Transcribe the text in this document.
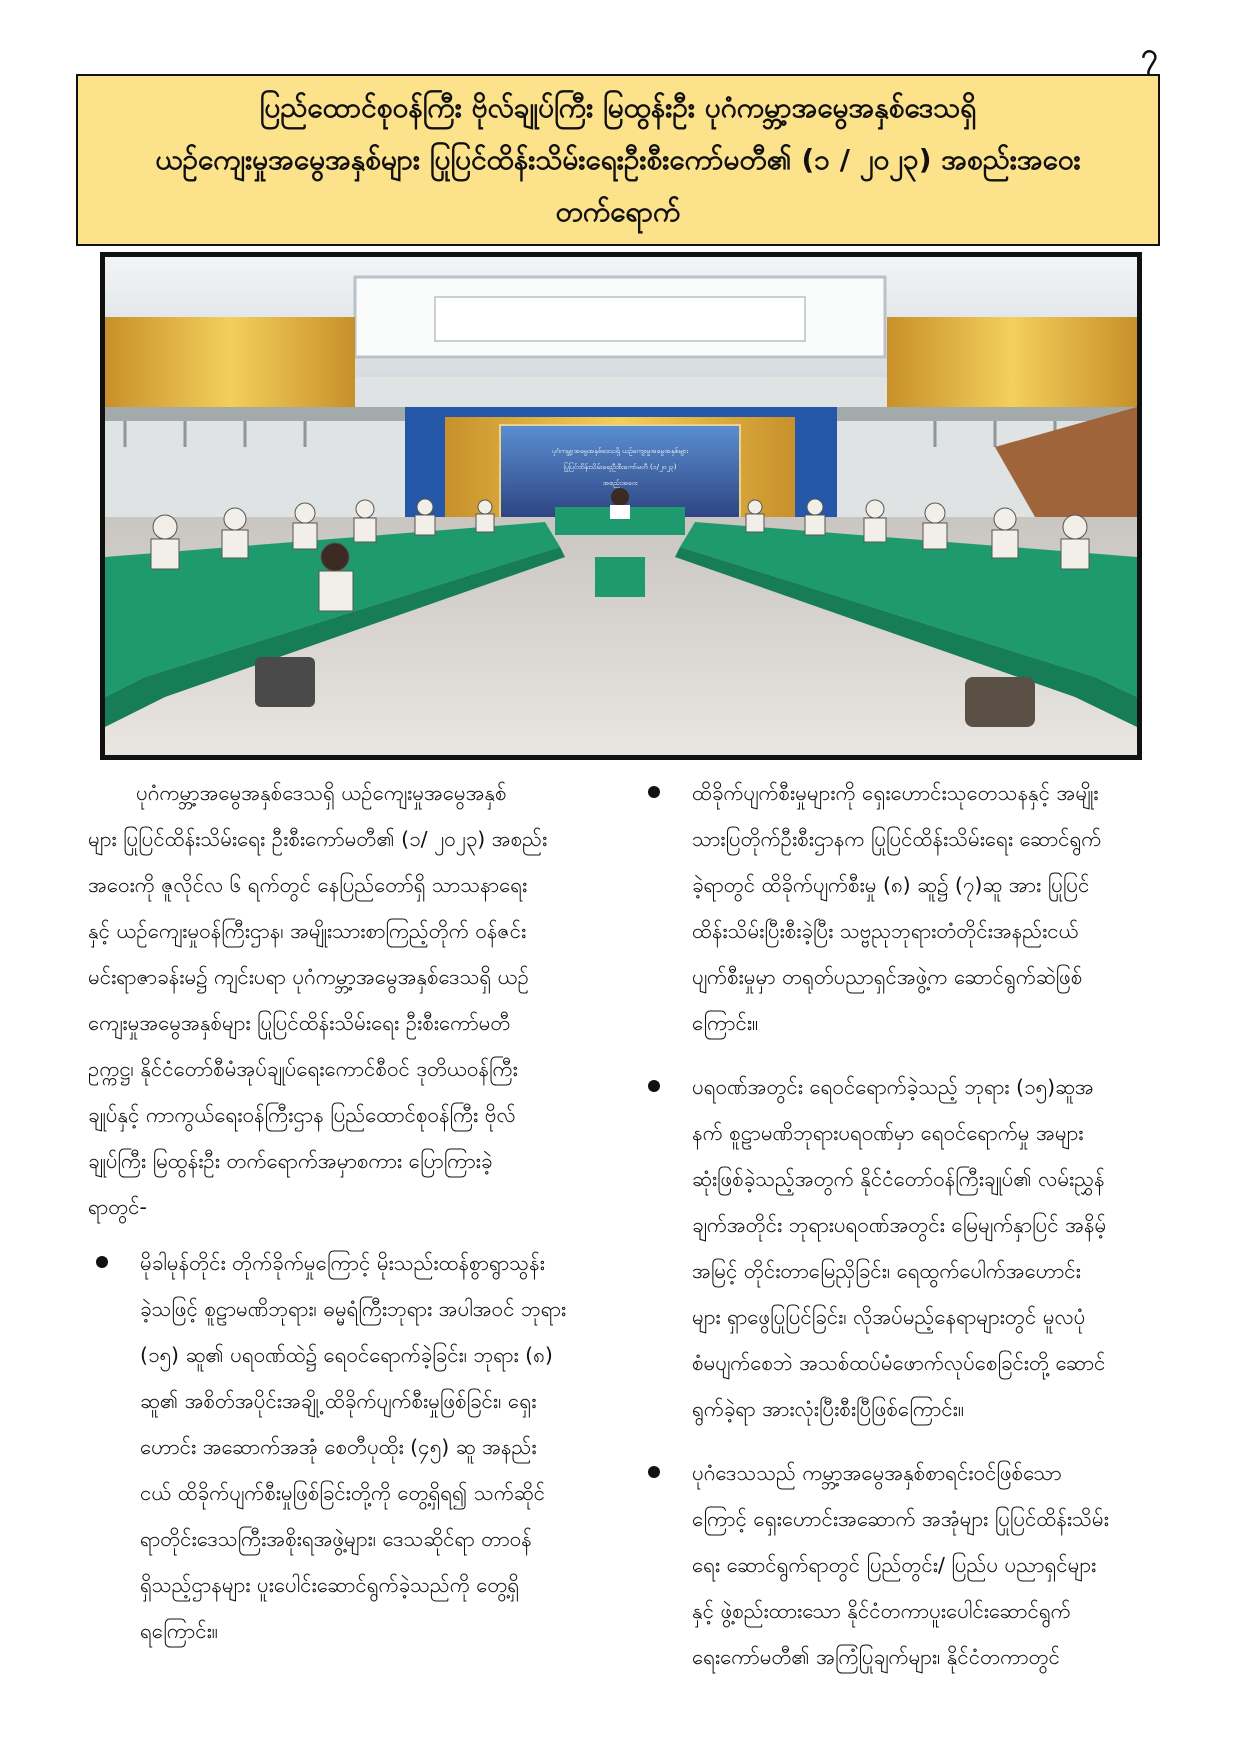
၇
ပြည်ထောင်စုဝန်ကြီး ဗိုလ်ချုပ်ကြီး မြထွန်းဦး ပုဂံကမ္ဘာ့အမွေအနှစ်ဒေသရှိ
ယဉ်ကျေးမှုအမွေအနှစ်များ ပြုပြင်ထိန်းသိမ်းရေးဦးစီးကော်မတီ၏ (၁ / ၂၀၂၃) အစည်းအဝေး
တက်ရောက်
ပုဂံကမ္ဘာ့အမွေအနှစ်ဒေသရှိ ယဉ်ကျေးမှုအမွေအနှစ်များ
ပြုပြင်ထိန်းသိမ်းရေးဦးစီးကော်မတီ (၁/၂၀၂၃)
အစည်းအဝေး

ပုဂံကမ္ဘာ့အမွေအနှစ်ဒေသရှိ ယဉ်ကျေးမှုအမွေအနှစ်

များ ပြုပြင်ထိန်းသိမ်းရေး ဦးစီးကော်မတီ၏ (၁/ ၂၀၂၃) အစည်း
အဝေးကို ဇူလိုင်လ ၆ ရက်တွင် နေပြည်တော်ရှိ သာသနာရေး
နှင့် ယဉ်ကျေးမှုဝန်ကြီးဌာန၊ အမျိုးသားစာကြည့်တိုက် ဝန်ဇင်း
မင်းရာဇာခန်းမ၌ ကျင်းပရာ ပုဂံကမ္ဘာ့အမွေအနှစ်ဒေသရှိ ယဉ်
ကျေးမှုအမွေအနှစ်များ ပြုပြင်ထိန်းသိမ်းရေး ဦးစီးကော်မတီ
ဥက္ကဋ္ဌ၊ နိုင်ငံတော်စီမံအုပ်ချုပ်ရေးကောင်စီဝင် ဒုတိယဝန်ကြီး
ချုပ်နှင့် ကာကွယ်ရေးဝန်ကြီးဌာန ပြည်ထောင်စုဝန်ကြီး ဗိုလ်
ချုပ်ကြီး မြထွန်းဦး တက်ရောက်အမှာစကား ပြောကြားခဲ့
ရာတွင်-
မိုခါမုန်တိုင်း တိုက်ခိုက်မှုကြောင့် မိုးသည်းထန်စွာရွာသွန်း
ခဲ့သဖြင့် စူဠာမဏိဘုရား၊ ဓမ္မရံကြီးဘုရား အပါအဝင် ဘုရား
(၁၅) ဆူ၏ ပရဝဏ်ထဲ၌ ရေဝင်ရောက်ခဲ့ခြင်း၊ ဘုရား (၈)
ဆူ၏ အစိတ်အပိုင်းအချို့ ထိခိုက်ပျက်စီးမှုဖြစ်ခြင်း၊ ရှေး
ဟောင်း အဆောက်အအုံ စေတီပုထိုး (၄၅) ဆူ အနည်း
ငယ် ထိခိုက်ပျက်စီးမှုဖြစ်ခြင်းတို့ကို တွေ့ရှိရ၍ သက်ဆိုင်
ရာတိုင်းဒေသကြီးအစိုးရအဖွဲ့များ၊ ဒေသဆိုင်ရာ တာဝန်
ရှိသည့်ဌာနများ ပူးပေါင်းဆောင်ရွက်ခဲ့သည်ကို တွေ့ရှိ
ရကြောင်း။
ထိခိုက်ပျက်စီးမှုများကို ရှေးဟောင်းသုတေသနနှင့် အမျိုး
သားပြတိုက်ဦးစီးဌာနက ပြုပြင်ထိန်းသိမ်းရေး ဆောင်ရွက်
ခဲ့ရာတွင် ထိခိုက်ပျက်စီးမှု (၈) ဆူ၌ (၇)ဆူ အား ပြုပြင်
ထိန်းသိမ်းပြီးစီးခဲ့ပြီး သဗ္ဗညုဘုရားတံတိုင်းအနည်းငယ်
ပျက်စီးမှုမှာ တရုတ်ပညာရှင်အဖွဲ့က ဆောင်ရွက်ဆဲဖြစ်
ကြောင်း။
ပရဝဏ်အတွင်း ရေဝင်ရောက်ခဲ့သည့် ဘုရား (၁၅)ဆူအ
နက် စူဠာမဏိဘုရားပရဝဏ်မှာ ရေဝင်ရောက်မှု အများ
ဆုံးဖြစ်ခဲ့သည့်အတွက် နိုင်ငံတော်ဝန်ကြီးချုပ်၏ လမ်းညွှန်
ချက်အတိုင်း ဘုရားပရဝဏ်အတွင်း မြေမျက်နှာပြင် အနိမ့်
အမြင့် တိုင်းတာမြေညှိခြင်း၊ ရေထွက်ပေါက်အဟောင်း
များ ရှာဖွေပြုပြင်ခြင်း၊ လိုအပ်မည့်နေရာများတွင် မူလပုံ
စံမပျက်စေဘဲ အသစ်ထပ်မံဖောက်လုပ်စေခြင်းတို့ ဆောင်
ရွက်ခဲ့ရာ အားလုံးပြီးစီးပြီဖြစ်ကြောင်း။
ပုဂံဒေသသည် ကမ္ဘာ့အမွေအနှစ်စာရင်းဝင်ဖြစ်သော
ကြောင့် ရှေးဟောင်းအဆောက် အအုံများ ပြုပြင်ထိန်းသိမ်း
ရေး ဆောင်ရွက်ရာတွင် ပြည်တွင်း/ ပြည်ပ ပညာရှင်များ
နှင့် ဖွဲ့စည်းထားသော နိုင်ငံတကာပူးပေါင်းဆောင်ရွက်
ရေးကော်မတီ၏ အကြံပြုချက်များ၊ နိုင်ငံတကာတွင်
